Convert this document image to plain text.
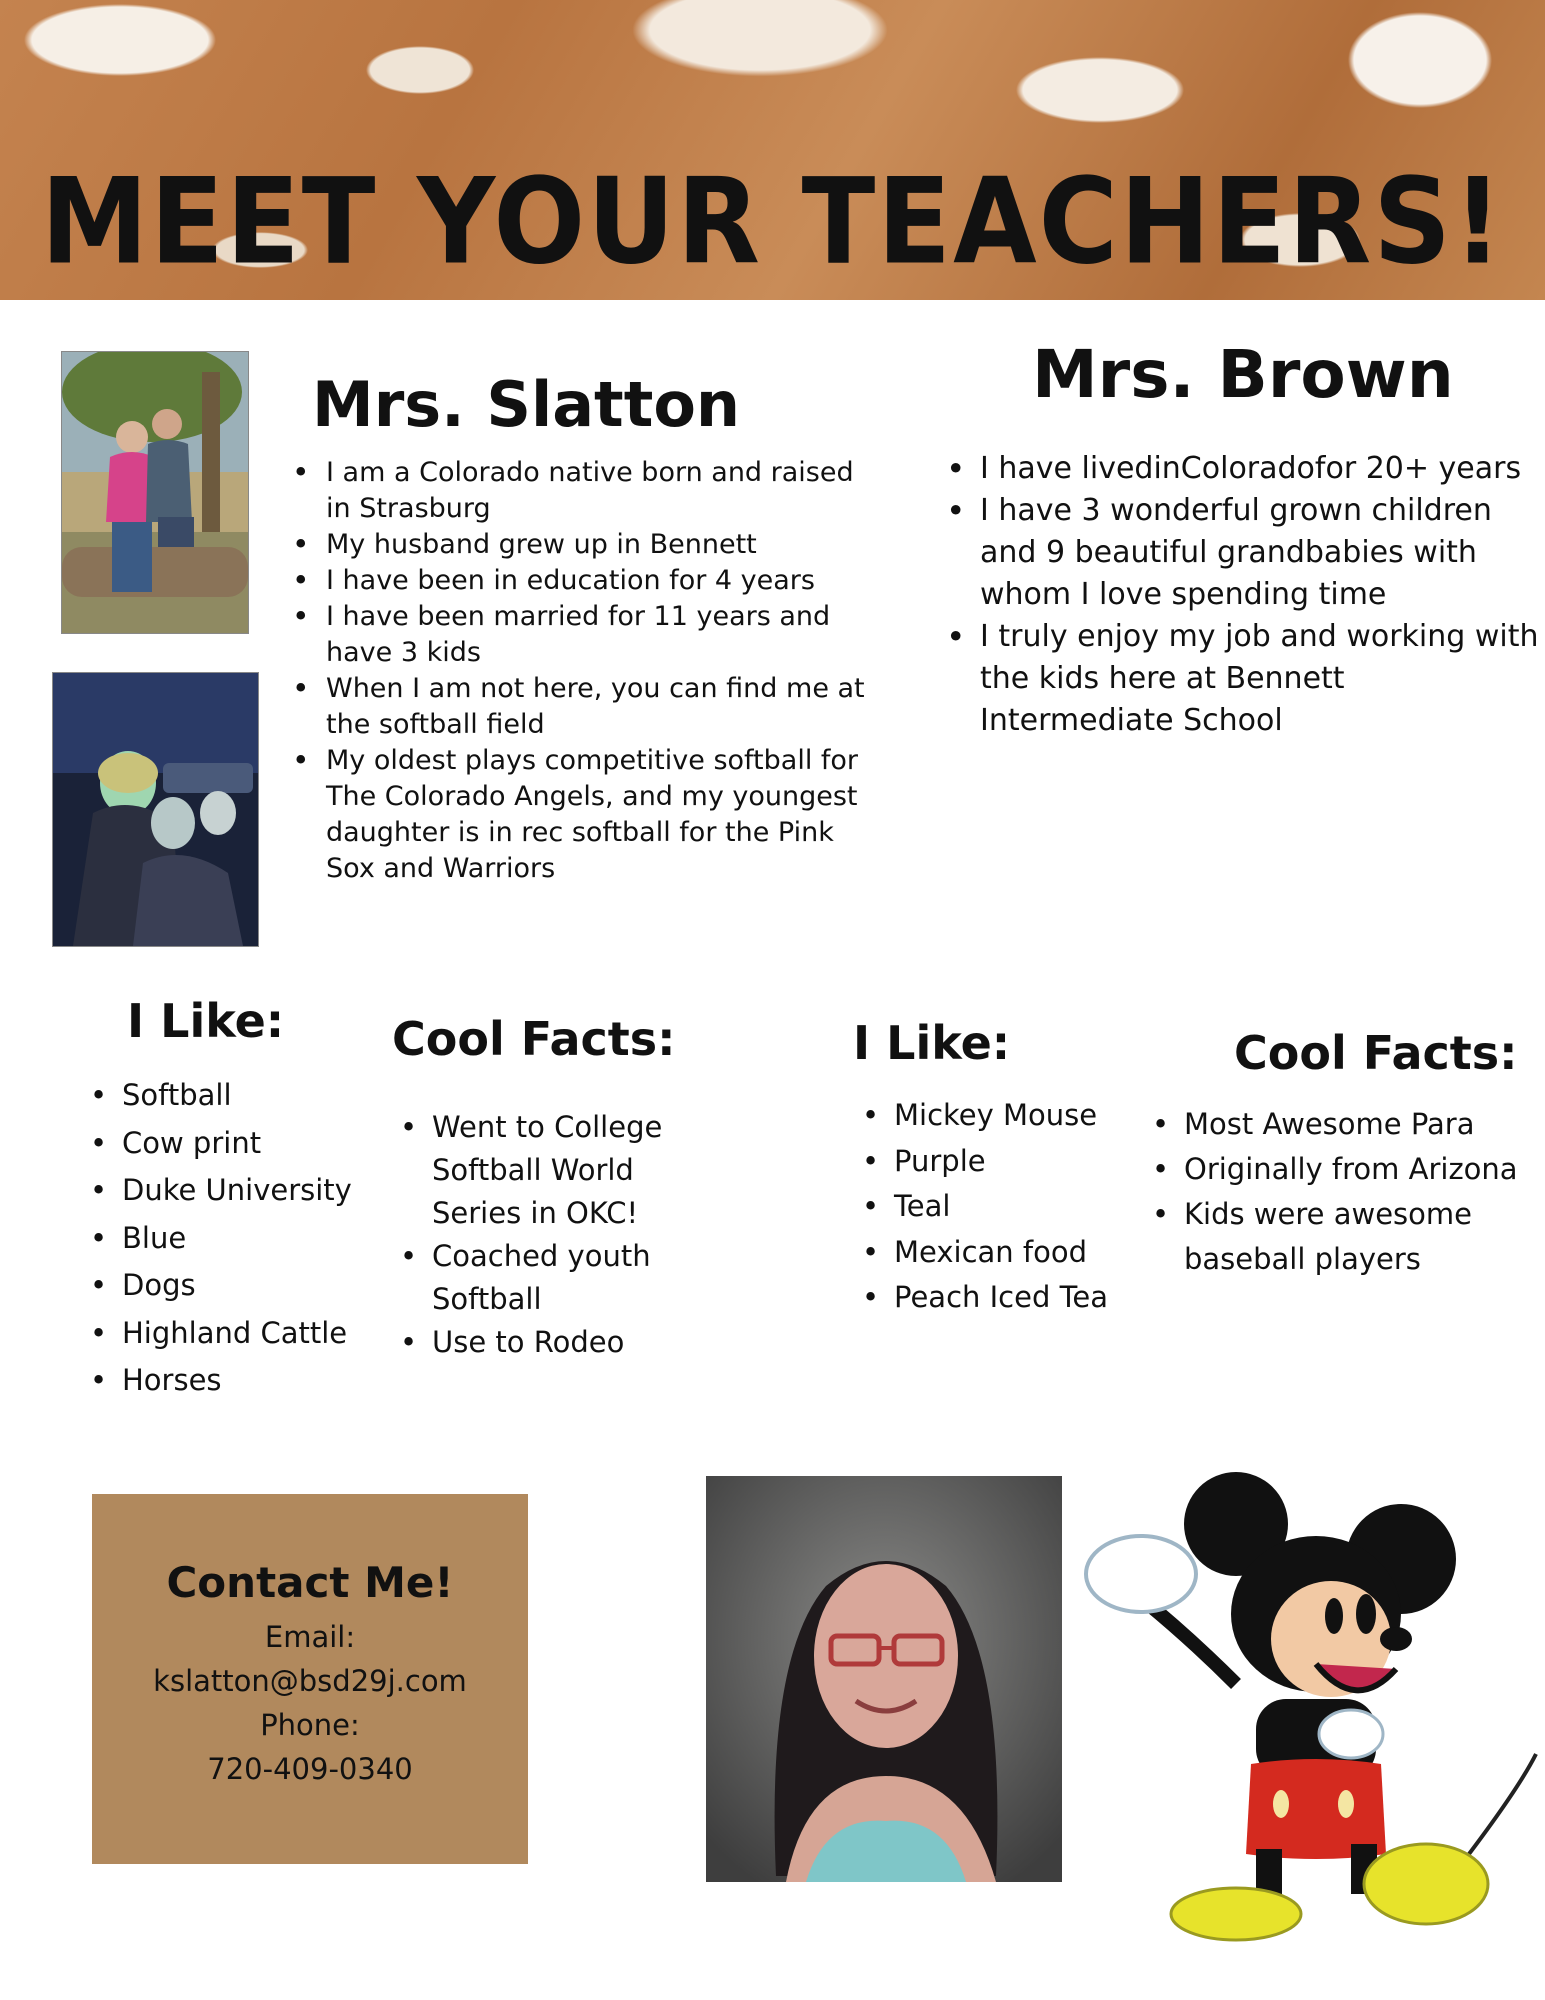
MEET YOUR TEACHERS!
Mrs. Slatton
• I am a Colorado native born and raised in Strasburg
• My husband grew up in Bennett
• I have been in education for 4 years
• I have been married for 11 years and have 3 kids
• When I am not here, you can find me at the softball field
• My oldest plays competitive softball for The Colorado Angels, and my youngest daughter is in rec softball for the Pink Sox and Warriors
Mrs. Brown
• I have livedinColoradofor 20+ years
• I have 3 wonderful grown children and 9 beautiful grandbabies with whom I love spending time
• I truly enjoy my job and working with the kids here at Bennett Intermediate School
I Like:
• Softball
• Cow print
• Duke University
• Blue
• Dogs
• Highland Cattle
• Horses
Cool Facts:
• Went to College Softball World Series in OKC!
• Coached youth Softball
• Use to Rodeo
I Like:
• Mickey Mouse
• Purple
• Teal
• Mexican food
• Peach Iced Tea
Cool Facts:
• Most Awesome Para
• Originally from Arizona
• Kids were awesome baseball players
Contact Me!
Email:
kslatton@bsd29j.com
Phone:
720-409-0340
